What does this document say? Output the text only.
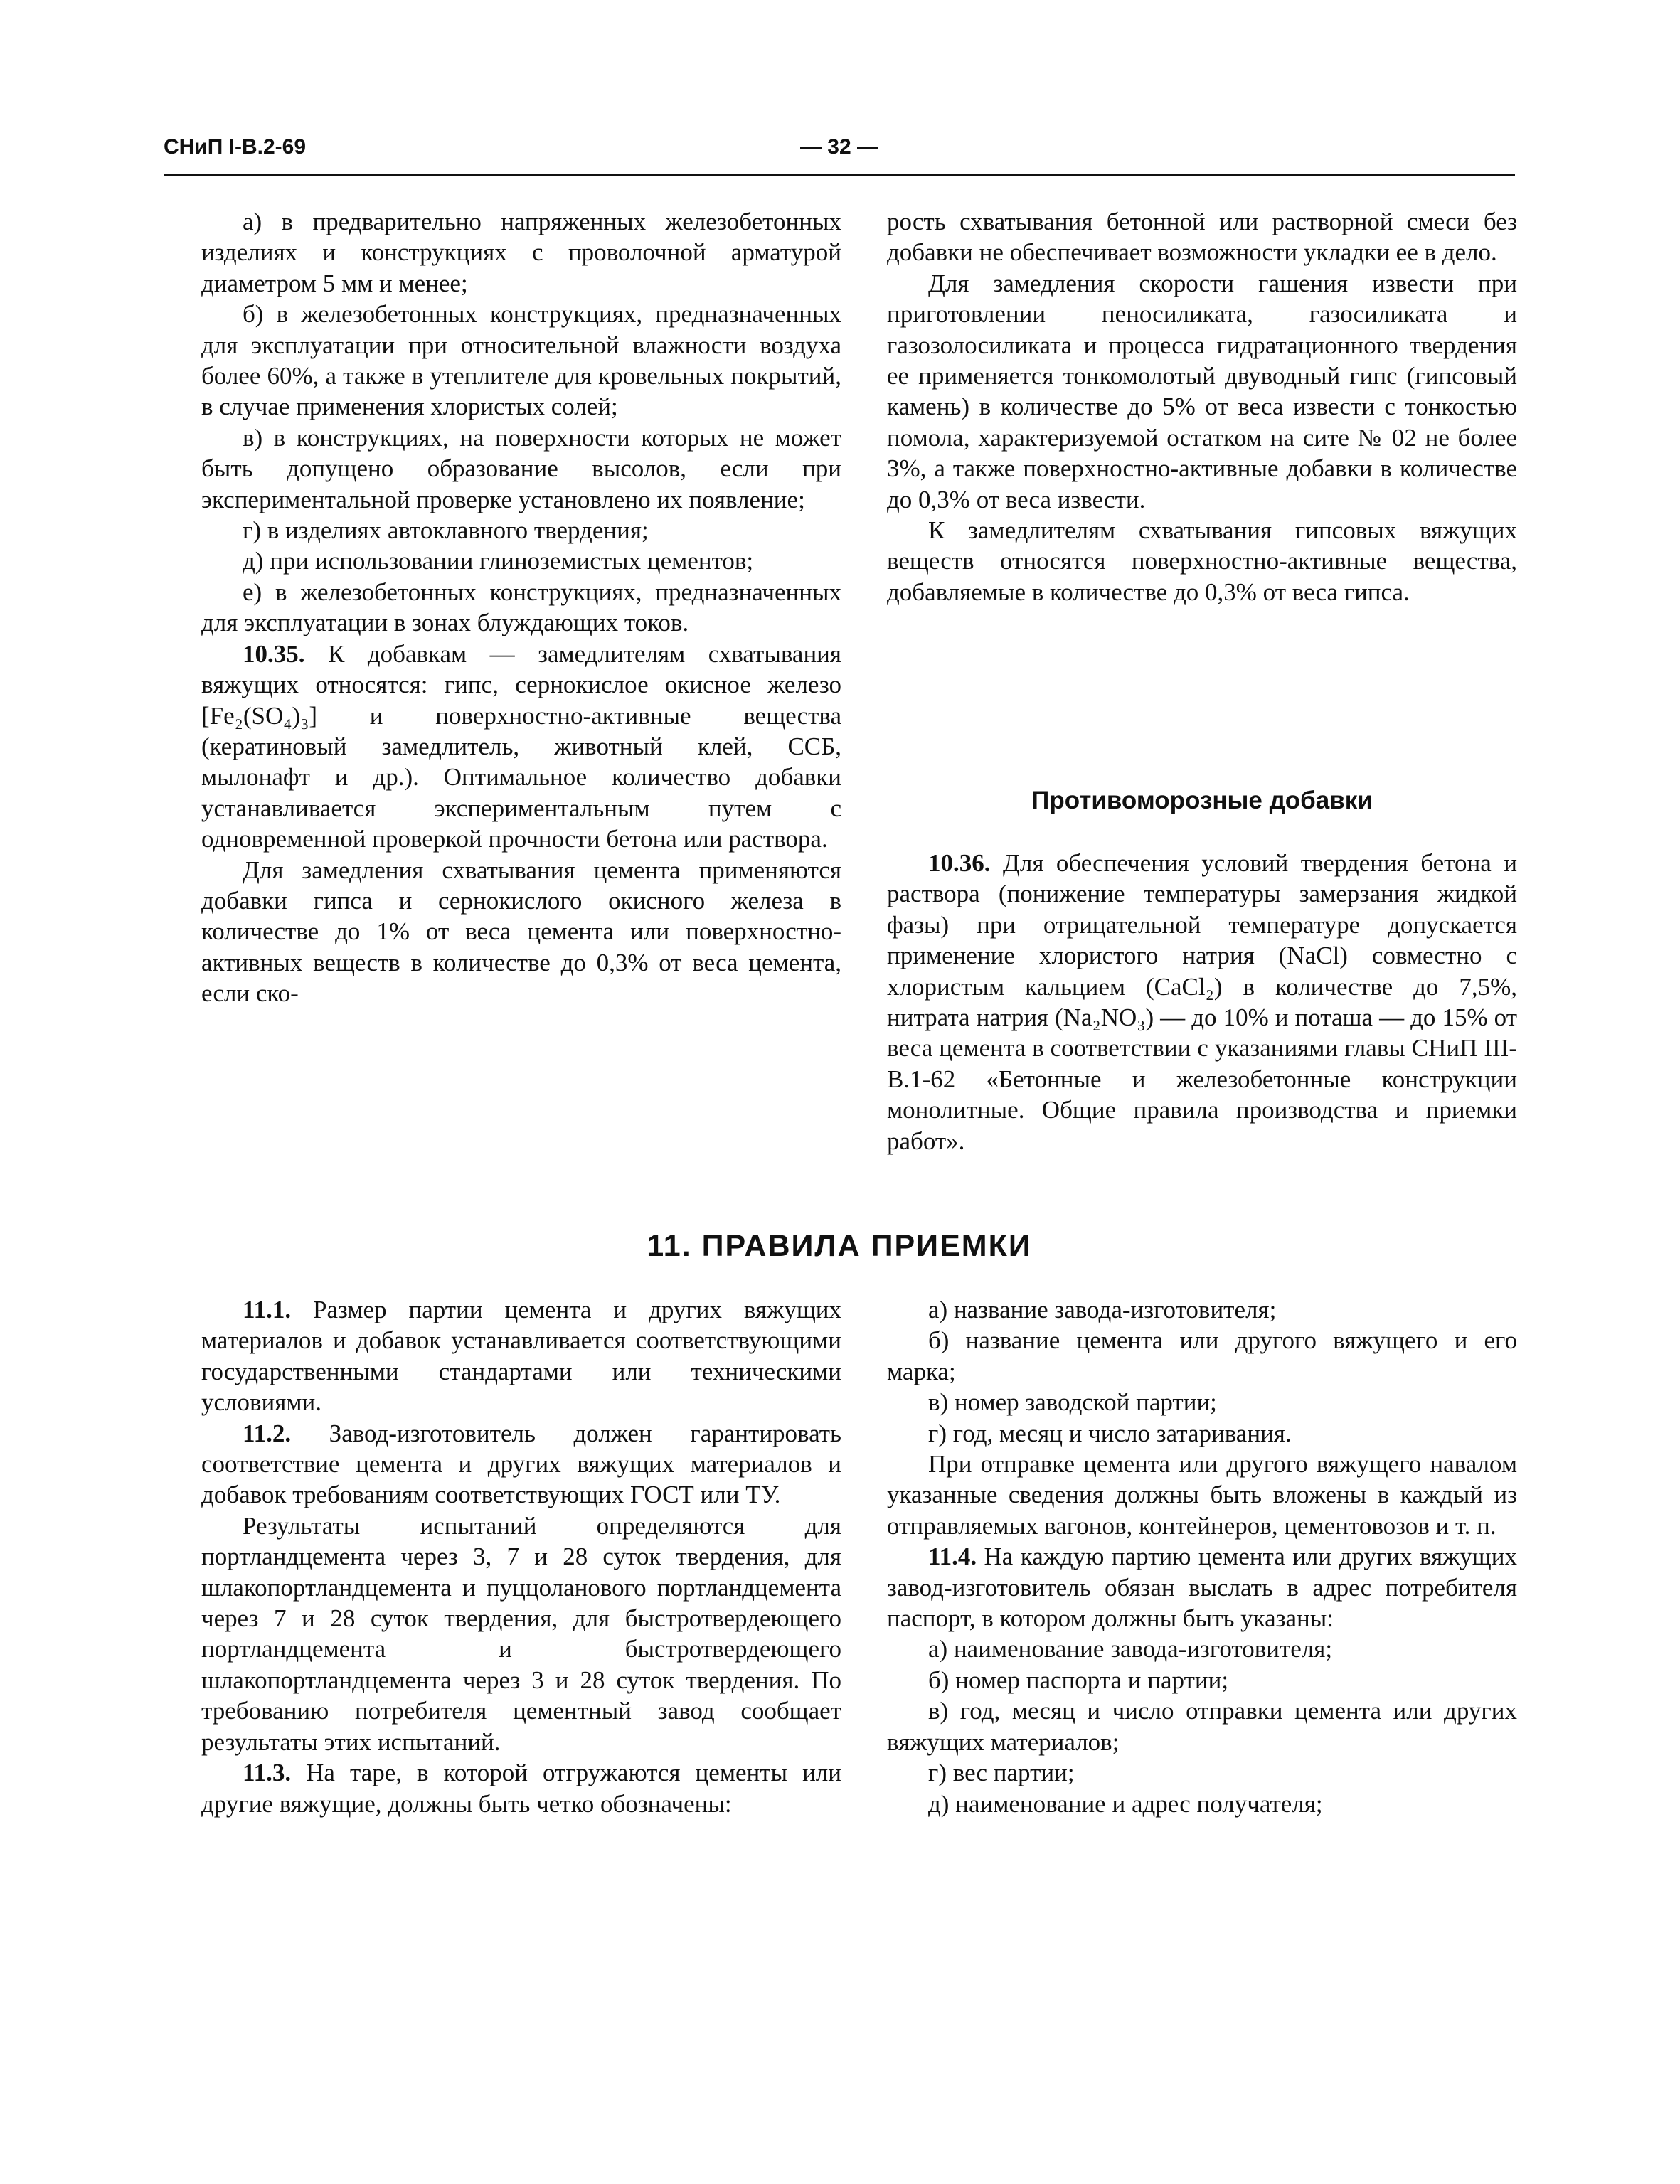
СНиП I-В.2-69	— 32 —

а) в предварительно напряженных железобетонных изделиях и конструкциях с проволочной арматурой диаметром 5 мм и менее;

б) в железобетонных конструкциях, предназначенных для эксплуатации при относительной влажности воздуха более 60%, а также в утеплителе для кровельных покрытий, в случае применения хлористых солей;

в) в конструкциях, на поверхности которых не может быть допущено образование высолов, если при экспериментальной проверке установлено их появление;

г) в изделиях автоклавного твердения;

д) при использовании глиноземистых цементов;

е) в железобетонных конструкциях, предназначенных для эксплуатации в зонах блуждающих токов.

10.35. К добавкам — замедлителям схватывания вяжущих относятся: гипс, сернокислое окисное железо [Fe₂(SO₄)₃] и поверхностно-активные вещества (кератиновый замедлитель, животный клей, ССБ, мылонафт и др.). Оптимальное количество добавки устанавливается экспериментальным путем с одновременной проверкой прочности бетона или раствора.

Для замедления схватывания цемента применяются добавки гипса и сернокислого окисного железа в количестве до 1% от веса цемента или поверхностно-активных веществ в количестве до 0,3% от веса цемента, если ско-

рость схватывания бетонной или растворной смеси без добавки не обеспечивает возможности укладки ее в дело.

Для замедления скорости гашения извести при приготовлении пеносиликата, газосиликата и газозолосиликата и процесса гидратационного твердения ее применяется тонкомолотый двуводный гипс (гипсовый камень) в количестве до 5% от веса извести с тонкостью помола, характеризуемой остатком на сите № 02 не более 3%, а также поверхностно-активные добавки в количестве до 0,3% от веса извести.

К замедлителям схватывания гипсовых вяжущих веществ относятся поверхностно-активные вещества, добавляемые в количестве до 0,3% от веса гипса.

Противоморозные добавки

10.36. Для обеспечения условий твердения бетона и раствора (понижение температуры замерзания жидкой фазы) при отрицательной температуре допускается применение хлористого натрия (NaCl) совместно с хлористым кальцием (CaCl₂) в количестве до 7,5%, нитрата натрия (Na₂NO₃) — до 10% и поташа — до 15% от веса цемента в соответствии с указаниями главы СНиП III-В.1-62 «Бетонные и железобетонные конструкции монолитные. Общие правила производства и приемки работ».

11. ПРАВИЛА ПРИЕМКИ

11.1. Размер партии цемента и других вяжущих материалов и добавок устанавливается соответствующими государственными стандартами или техническими условиями.

11.2. Завод-изготовитель должен гарантировать соответствие цемента и других вяжущих материалов и добавок требованиям соответствующих ГОСТ или ТУ.

Результаты испытаний определяются для портландцемента через 3, 7 и 28 суток твердения, для шлакопортландцемента и пуццоланового портландцемента через 7 и 28 суток твердения, для быстротвердеющего портландцемента и быстротвердеющего шлакопортландцемента через 3 и 28 суток твердения. По требованию потребителя цементный завод сообщает результаты этих испытаний.

11.3. На таре, в которой отгружаются цементы или другие вяжущие, должны быть четко обозначены:

а) название завода-изготовителя;

б) название цемента или другого вяжущего и его марка;

в) номер заводской партии;

г) год, месяц и число затаривания.

При отправке цемента или другого вяжущего навалом указанные сведения должны быть вложены в каждый из отправляемых вагонов, контейнеров, цементовозов и т. п.

11.4. На каждую партию цемента или других вяжущих завод-изготовитель обязан выслать в адрес потребителя паспорт, в котором должны быть указаны:

а) наименование завода-изготовителя;

б) номер паспорта и партии;

в) год, месяц и число отправки цемента или других вяжущих материалов;

г) вес партии;

д) наименование и адрес получателя;
